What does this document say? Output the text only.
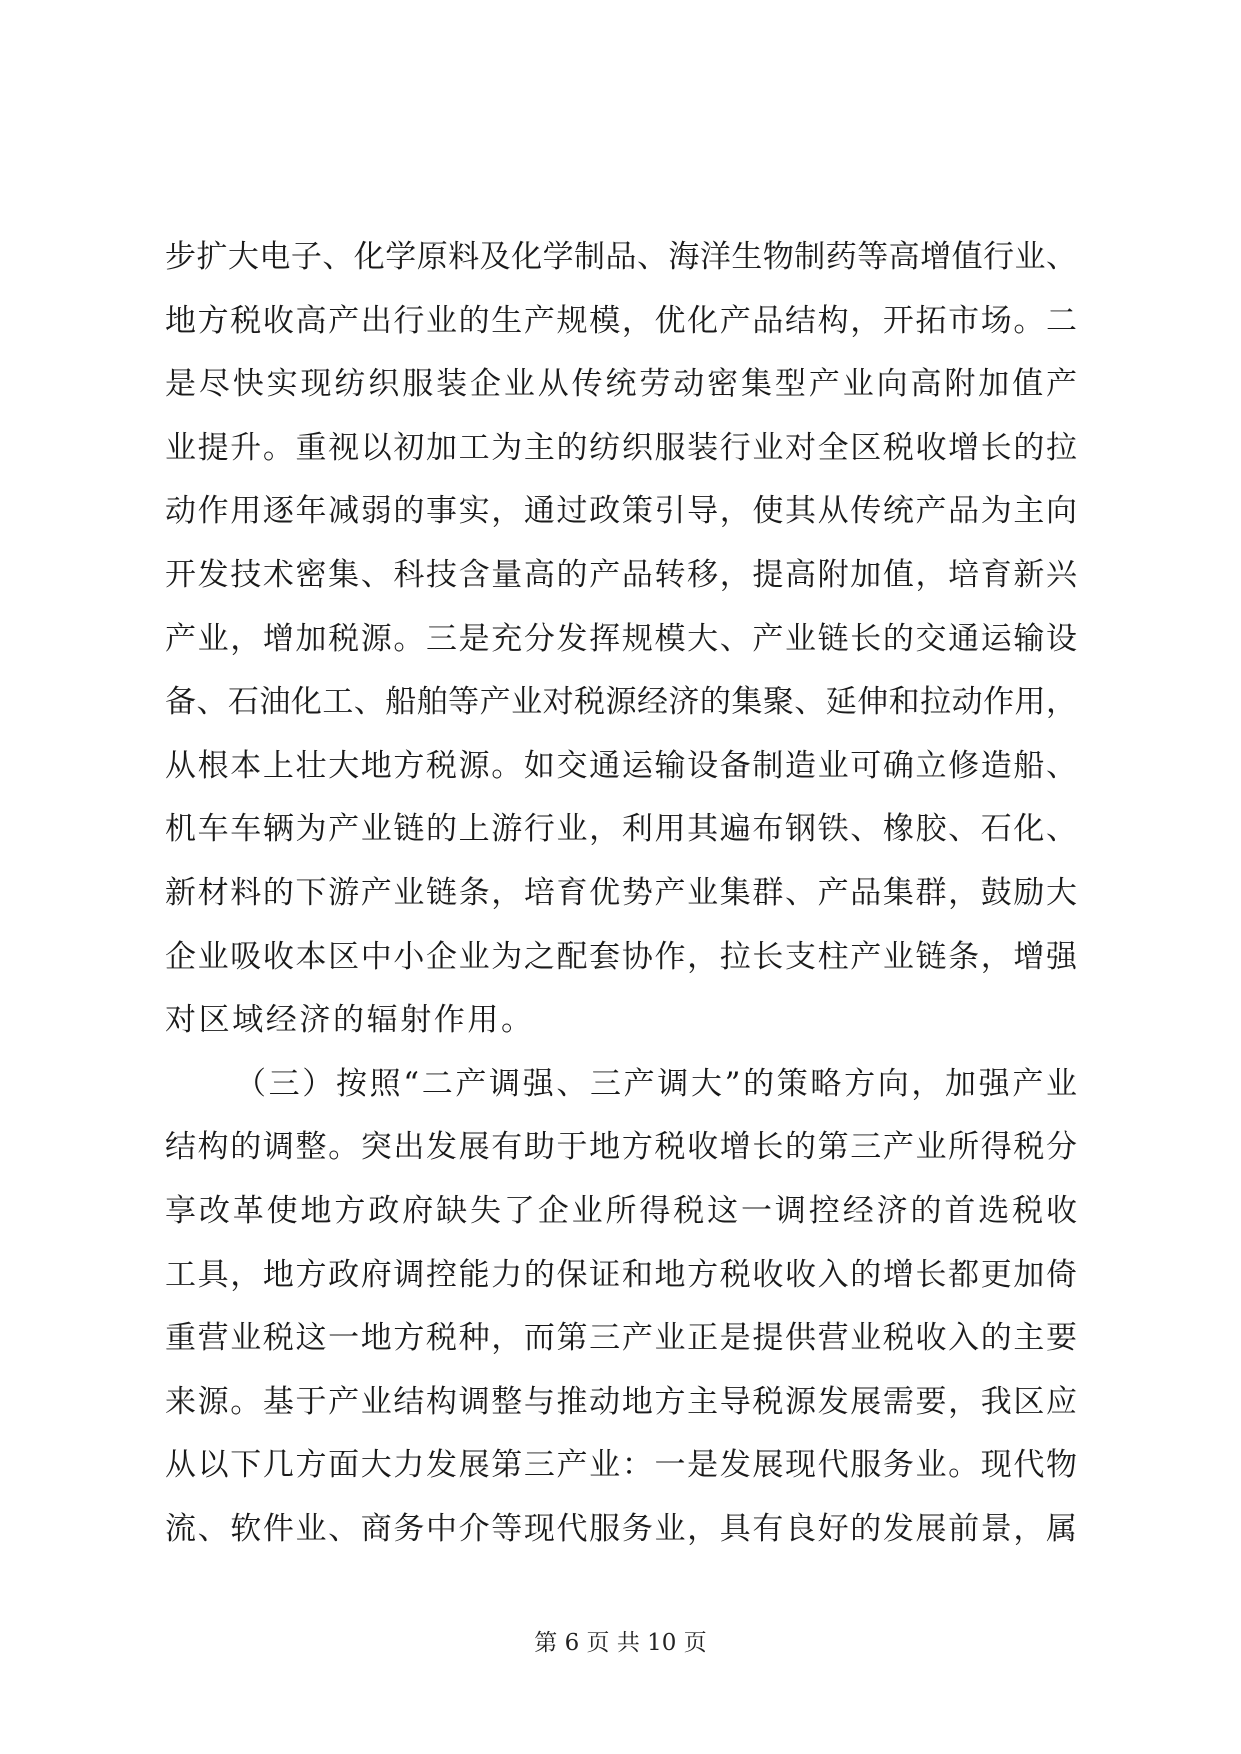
步扩大电子、化学原料及化学制品、海洋生物制药等高增值行业、
地方税收高产出行业的生产规模，优化产品结构，开拓市场。二
是尽快实现纺织服装企业从传统劳动密集型产业向高附加值产
业提升。重视以初加工为主的纺织服装行业对全区税收增长的拉
动作用逐年减弱的事实，通过政策引导，使其从传统产品为主向
开发技术密集、科技含量高的产品转移，提高附加值，培育新兴
产业，增加税源。三是充分发挥规模大、产业链长的交通运输设
备、石油化工、船舶等产业对税源经济的集聚、延伸和拉动作用，
从根本上壮大地方税源。如交通运输设备制造业可确立修造船、
机车车辆为产业链的上游行业，利用其遍布钢铁、橡胶、石化、
新材料的下游产业链条，培育优势产业集群、产品集群，鼓励大
企业吸收本区中小企业为之配套协作，拉长支柱产业链条，增强
对区域经济的辐射作用。
（三）按照“二产调强、三产调大”的策略方向，加强产业
结构的调整。突出发展有助于地方税收增长的第三产业所得税分
享改革使地方政府缺失了企业所得税这一调控经济的首选税收
工具，地方政府调控能力的保证和地方税收收入的增长都更加倚
重营业税这一地方税种，而第三产业正是提供营业税收入的主要
来源。基于产业结构调整与推动地方主导税源发展需要，我区应
从以下几方面大力发展第三产业：一是发展现代服务业。现代物
流、软件业、商务中介等现代服务业，具有良好的发展前景，属
第 6 页 共 10 页
